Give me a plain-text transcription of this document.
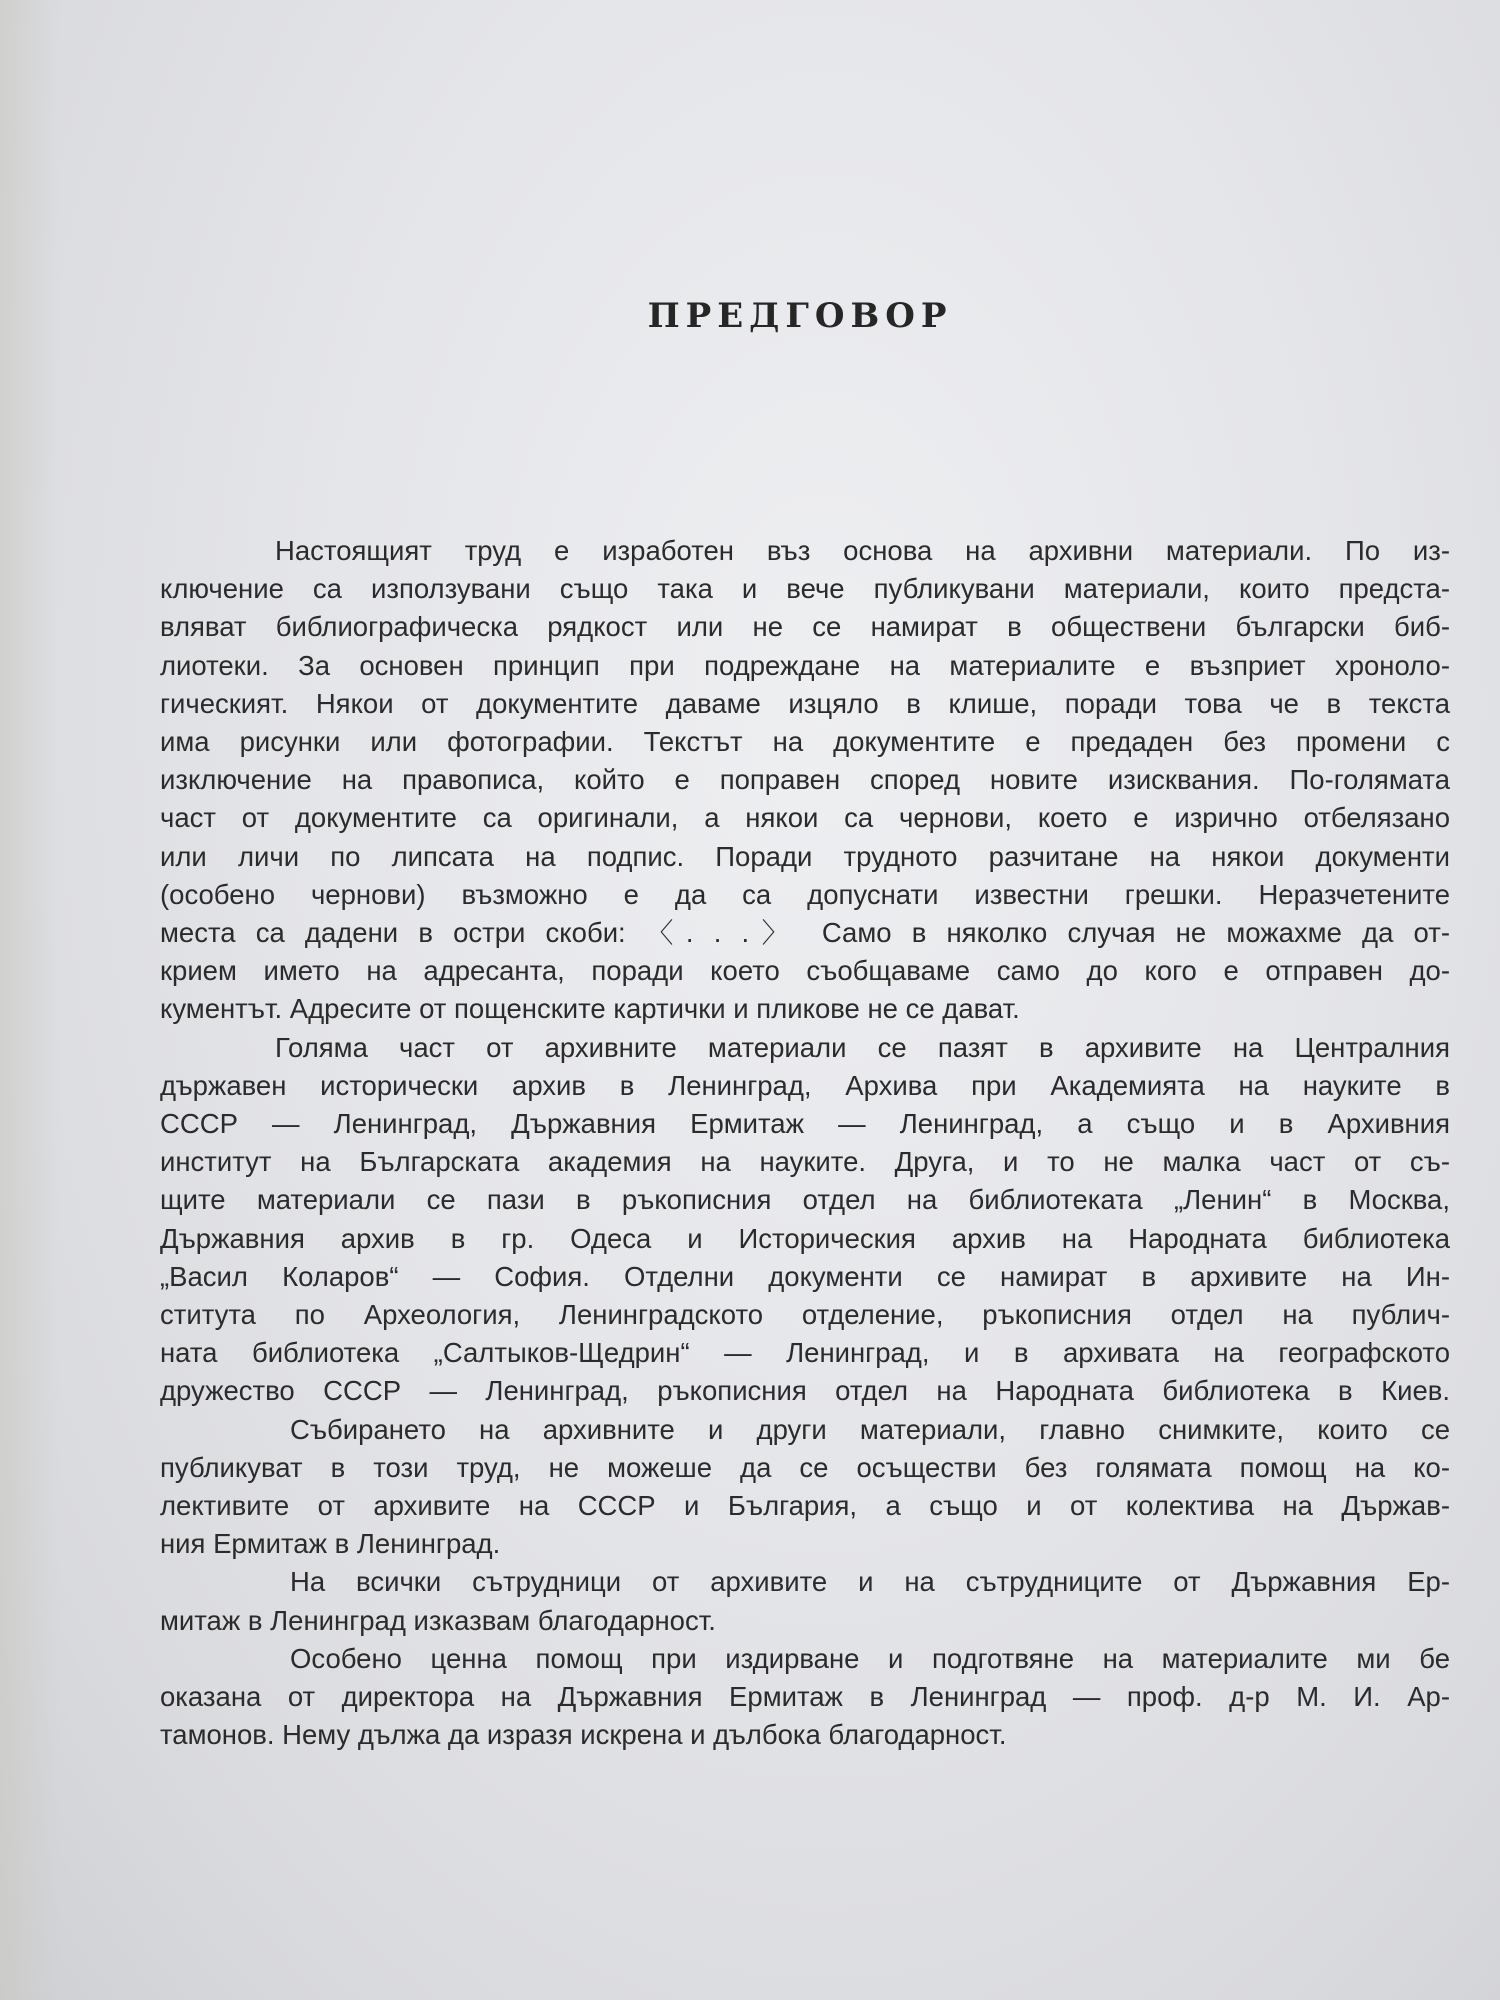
ПРЕДГОВОР

Настоящият труд е изработен въз основа на архивни материали. По из-
ключение са използувани също така и вече публикувани материали, които предста-
вляват библиографическа рядкост или не се намират в обществени български биб-
лиотеки. За основен принцип при подреждане на материалите е възприет хроноло-
гическият. Някои от документите даваме изцяло в клише, поради това че в текста
има рисунки или фотографии. Текстът на документите е предаден без промени с
изключение на правописа, който е поправен според новите изисквания. По-голямата
част от документите са оригинали, а някои са чернови, което е изрично отбелязано
или личи по липсата на подпис. Поради трудното разчитане на някои документи
(особено чернови) възможно е да са допуснати известни грешки. Неразчетените
места са дадени в остри скоби: 〈. . .〉 Само в няколко случая не можахме да от-
крием името на адресанта, поради което съобщаваме само до кого е отправен до-
кументът. Адресите от пощенските картички и пликове не се дават.

Голяма част от архивните материали се пазят в архивите на Централния
държавен исторически архив в Ленинград, Архива при Академията на науките в
СССР — Ленинград, Държавния Ермитаж — Ленинград, а също и в Архивния
институт на Българската академия на науките. Друга, и то не малка част от съ-
щите материали се пази в ръкописния отдел на библиотеката „Ленин“ в Москва,
Държавния архив в гр. Одеса и Историческия архив на Народната библиотека
„Васил Коларов“ — София. Отделни документи се намират в архивите на Ин-
ститута по Археология, Ленинградското отделение, ръкописния отдел на публич-
ната библиотека „Салтыков-Щедрин“ — Ленинград, и в архивата на географското
дружество СССР — Ленинград, ръкописния отдел на Народната библиотека в Киев.

Събирането на архивните и други материали, главно снимките, които се
публикуват в този труд, не можеше да се осъществи без голямата помощ на ко-
лективите от архивите на СССР и България, а също и от колектива на Държав-
ния Ермитаж в Ленинград.

На всички сътрудници от архивите и на сътрудниците от Държавния Ер-
митаж в Ленинград изказвам благодарност.

Особено ценна помощ при издирване и подготвяне на материалите ми бе
оказана от директора на Държавния Ермитаж в Ленинград — проф. д-р М. И. Ар-
тамонов. Нему дължа да изразя искрена и дълбока благодарност.
